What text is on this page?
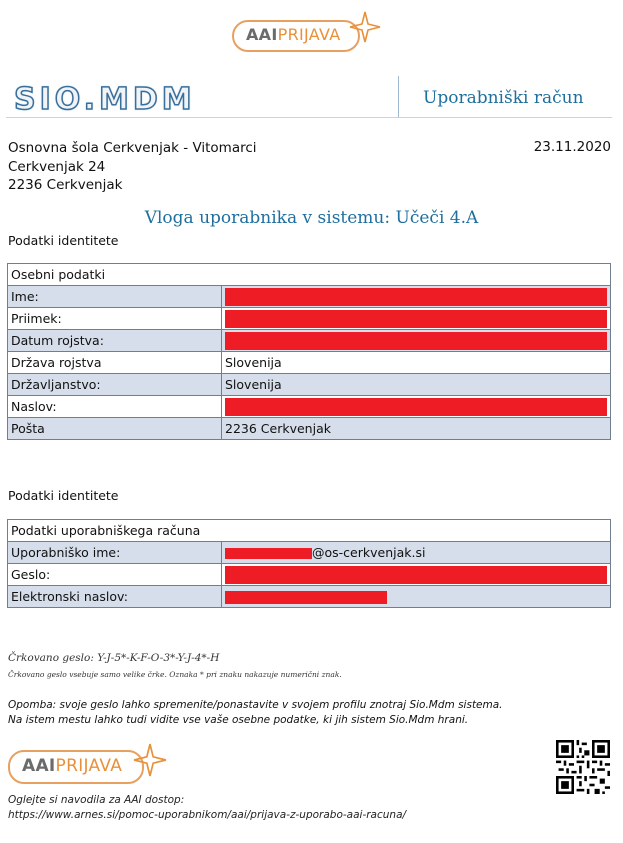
AAIPRIJAVA
SIO.MDM	Uporabniški račun
Osnovna šola Cerkvenjak - Vitomarci
Cerkvenjak 24
2236 Cerkvenjak
23.11.2020
Vloga uporabnika v sistemu: Učeči 4.A
Podatki identitete
Osebni podatki	
Ime:	

Priimek:	

Datum rojstva:	

Država rojstva	Slovenija
Državljanstvo:	Slovenija
Naslov:	

Pošta	2236 Cerkvenjak
Podatki identitete
Podatki uporabniškega računa	
Uporabniško ime:	@os-cerkvenjak.si
Geslo:	

Elektronski naslov:	
Črkovano geslo: Y-J-5*-K-F-O-3*-Y-J-4*-H
Črkovano geslo vsebuje samo velike črke. Oznaka * pri znaku nakazuje numerični znak.
Opomba: svoje geslo lahko spremenite/ponastavite v svojem profilu znotraj Sio.Mdm sistema.
Na istem mestu lahko tudi vidite vse vaše osebne podatke, ki jih sistem Sio.Mdm hrani.
AAIPRIJAVA
Oglejte si navodila za AAI dostop:
https://www.arnes.si/pomoc-uporabnikom/aai/prijava-z-uporabo-aai-racuna/
